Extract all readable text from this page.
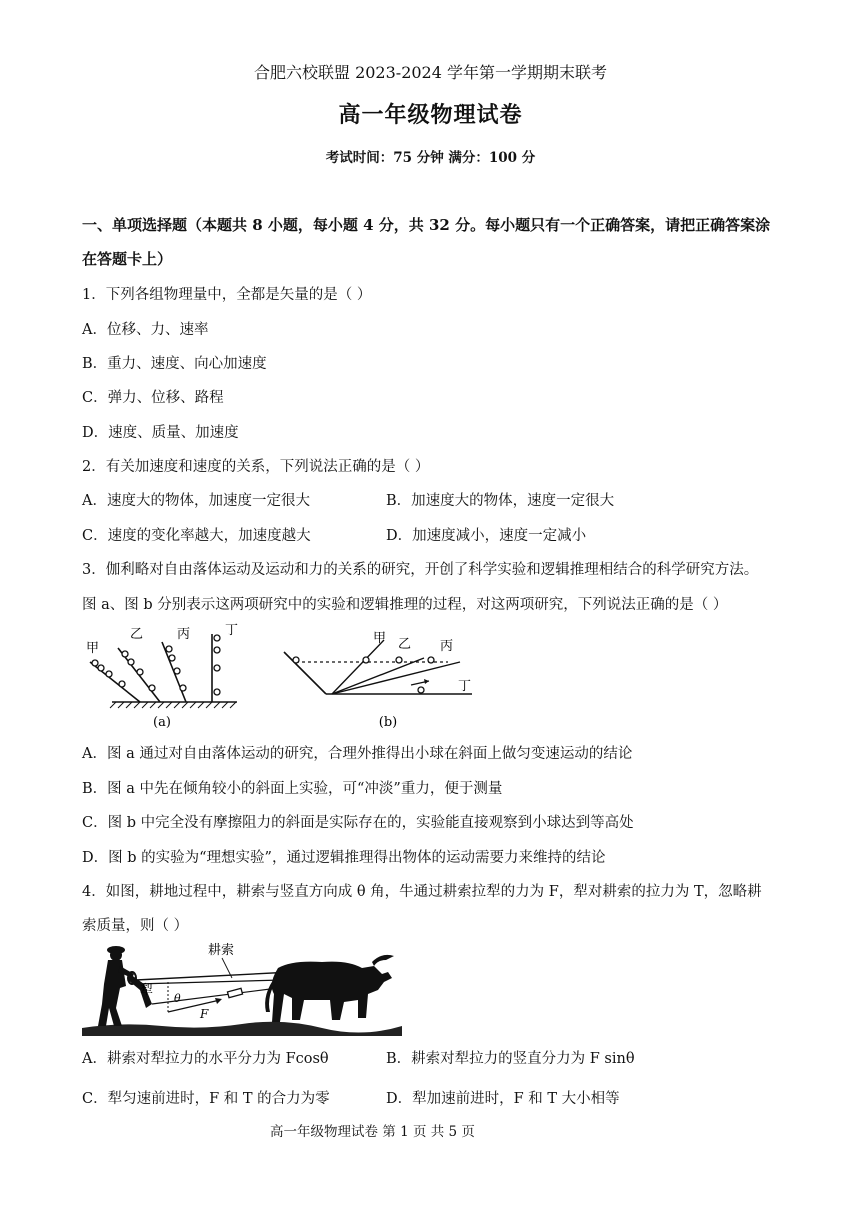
合肥六校联盟 2023-2024 学年第一学期期末联考
高一年级物理试卷
考试时间：75 分钟 满分：100 分
一、单项选择题（本题共 8 小题，每小题 4 分，共 32 分。每小题只有一个正确答案，请把正确答案涂
在答题卡上）
1．下列各组物理量中，全都是矢量的是（ ）
A．位移、力、速率
B．重力、速度、向心加速度
C．弹力、位移、路程
D．速度、质量、加速度
2．有关加速度和速度的关系，下列说法正确的是（ ）
A．速度大的物体，加速度一定很大	B．加速度大的物体，速度一定很大
C．速度的变化率越大，加速度越大	D．加速度减小，速度一定减小
3．伽利略对自由落体运动及运动和力的关系的研究，开创了科学实验和逻辑推理相结合的科学研究方法。
图 a、图 b 分别表示这两项研究中的实验和逻辑推理的过程，对这两项研究，下列说法正确的是（ ）
甲
乙	丙	丁
(a)
甲 乙 丙
丁
(b)
A．图 a 通过对自由落体运动的研究，合理外推得出小球在斜面上做匀变速运动的结论
B．图 a 中先在倾角较小的斜面上实验，可“冲淡”重力，便于测量
C．图 b 中完全没有摩擦阻力的斜面是实际存在的，实验能直接观察到小球达到等高处
D．图 b 的实验为“理想实验”，通过逻辑推理得出物体的运动需要力来维持的结论
4．如图，耕地过程中，耕索与竖直方向成 θ 角，牛通过耕索拉犁的力为 F，犁对耕索的拉力为 T，忽略耕
索质量，则（ ）
耕索
犁
θ
F
A．耕索对犁拉力的水平分力为 Fcosθ	B．耕索对犁拉力的竖直分力为 F sinθ
C．犁匀速前进时，F 和 T 的合力为零	D．犁加速前进时，F 和 T 大小相等
高一年级物理试卷 第 1 页 共 5 页
